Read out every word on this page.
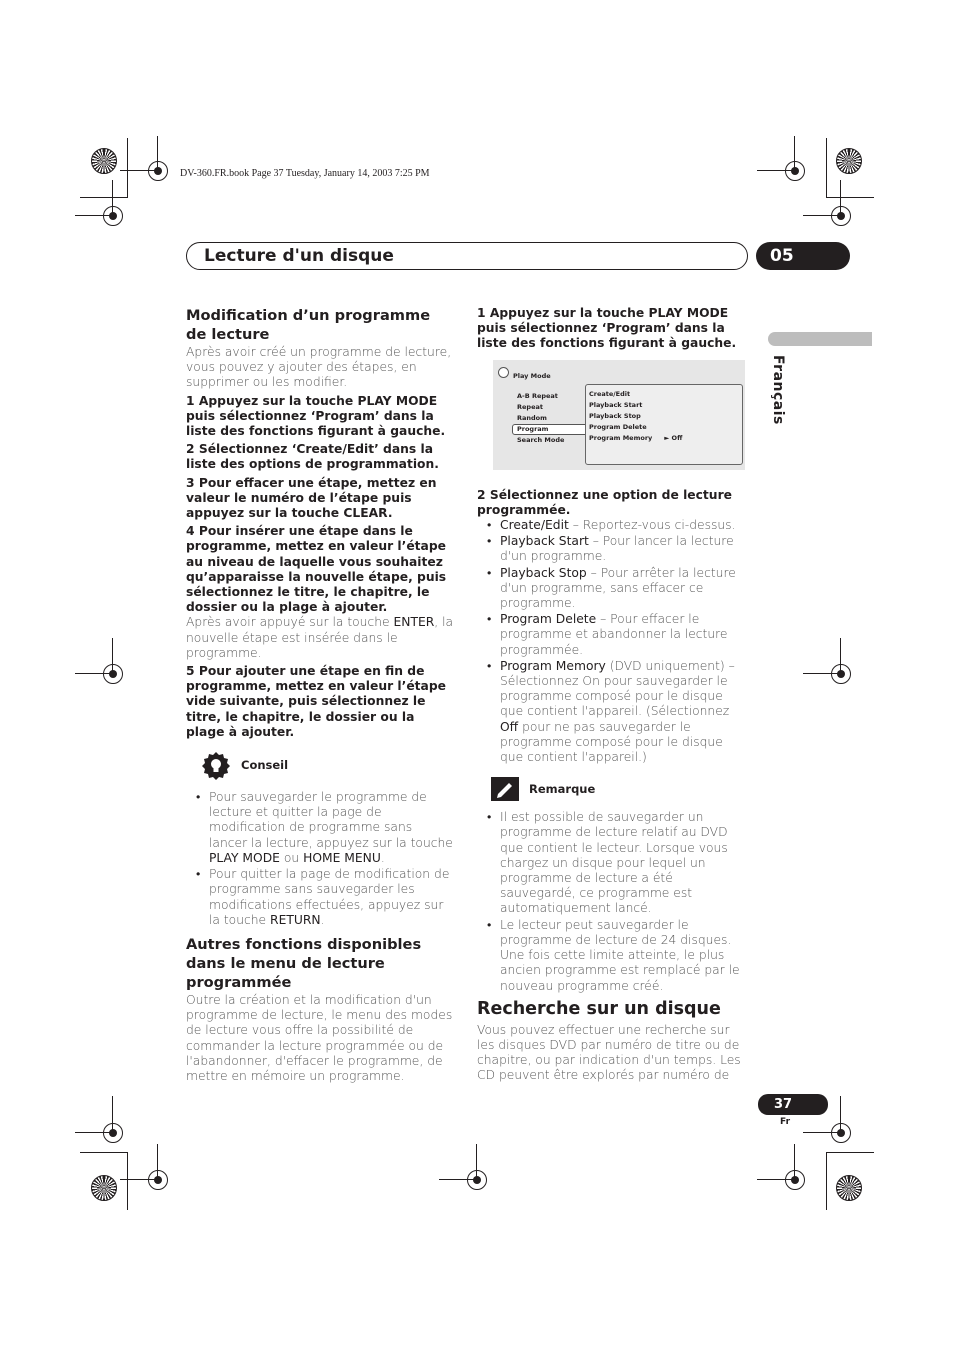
DV-360.FR.book Page 37 Tuesday, January 14, 2003 7:25 PM
Lecture d'un disque	05
Français
Modification d’un programme de lecture

Après avoir créé un programme de lecture, vous pouvez y ajouter des étapes, en supprimer ou les modifier.

1 Appuyez sur la touche PLAY MODE puis sélectionnez ‘Program’ dans la liste des fonctions figurant à gauche.

2 Sélectionnez ‘Create/Edit’ dans la liste des options de programmation.

3 Pour effacer une étape, mettez en valeur le numéro de l’étape puis appuyez sur la touche CLEAR.

4 Pour insérer une étape dans le programme, mettez en valeur l’étape au niveau de laquelle vous souhaitez qu’apparaisse la nouvelle étape, puis sélectionnez le titre, le chapitre, le dossier ou la plage à ajouter.

Après avoir appuyé sur la touche ENTER, la nouvelle étape est insérée dans le programme.

5 Pour ajouter une étape en fin de programme, mettez en valeur l’étape vide suivante, puis sélectionnez le titre, le chapitre, le dossier ou la plage à ajouter.

Conseil
• Pour sauvegarder le programme de lecture et quitter la page de modification de programme sans lancer la lecture, appuyez sur la touche PLAY MODE ou HOME MENU.
• Pour quitter la page de modification de programme sans sauvegarder les modifications effectuées, appuyez sur la touche RETURN.
Autres fonctions disponibles dans le menu de lecture programmée

Outre la création et la modification d'un programme de lecture, le menu des modes de lecture vous offre la possibilité de commander la lecture programmée ou de l'abandonner, d'effacer le programme, de mettre en mémoire un programme.

1 Appuyez sur la touche PLAY MODE puis sélectionnez ‘Program’ dans la liste des fonctions figurant à gauche.

Play Mode
A-B Repeat
Repeat
Random
Program
Search Mode
Create/Edit
Playback Start
Playback Stop
Program Delete
Program Memory ► Off

2 Sélectionnez une option de lecture programmée.

• Create/Edit – Reportez-vous ci-dessus.
• Playback Start – Pour lancer la lecture d'un programme.
• Playback Stop – Pour arrêter la lecture d'un programme, sans effacer ce programme.
• Program Delete – Pour effacer le programme et abandonner la lecture programmée.
• Program Memory (DVD uniquement) – Sélectionnez On pour sauvegarder le programme composé pour le disque que contient l'appareil. (Sélectionnez Off pour ne pas sauvegarder le programme composé pour le disque que contient l'appareil.)
Remarque
• Il est possible de sauvegarder un programme de lecture relatif au DVD que contient le lecteur. Lorsque vous chargez un disque pour lequel un programme de lecture a été sauvegardé, ce programme est automatiquement lancé.
• Le lecteur peut sauvegarder le programme de lecture de 24 disques. Une fois cette limite atteinte, le plus ancien programme est remplacé par le nouveau programme créé.
Recherche sur un disque

Vous pouvez effectuer une recherche sur les disques DVD par numéro de titre ou de chapitre, ou par indication d'un temps. Les CD peuvent être explorés par numéro de

37
Fr
